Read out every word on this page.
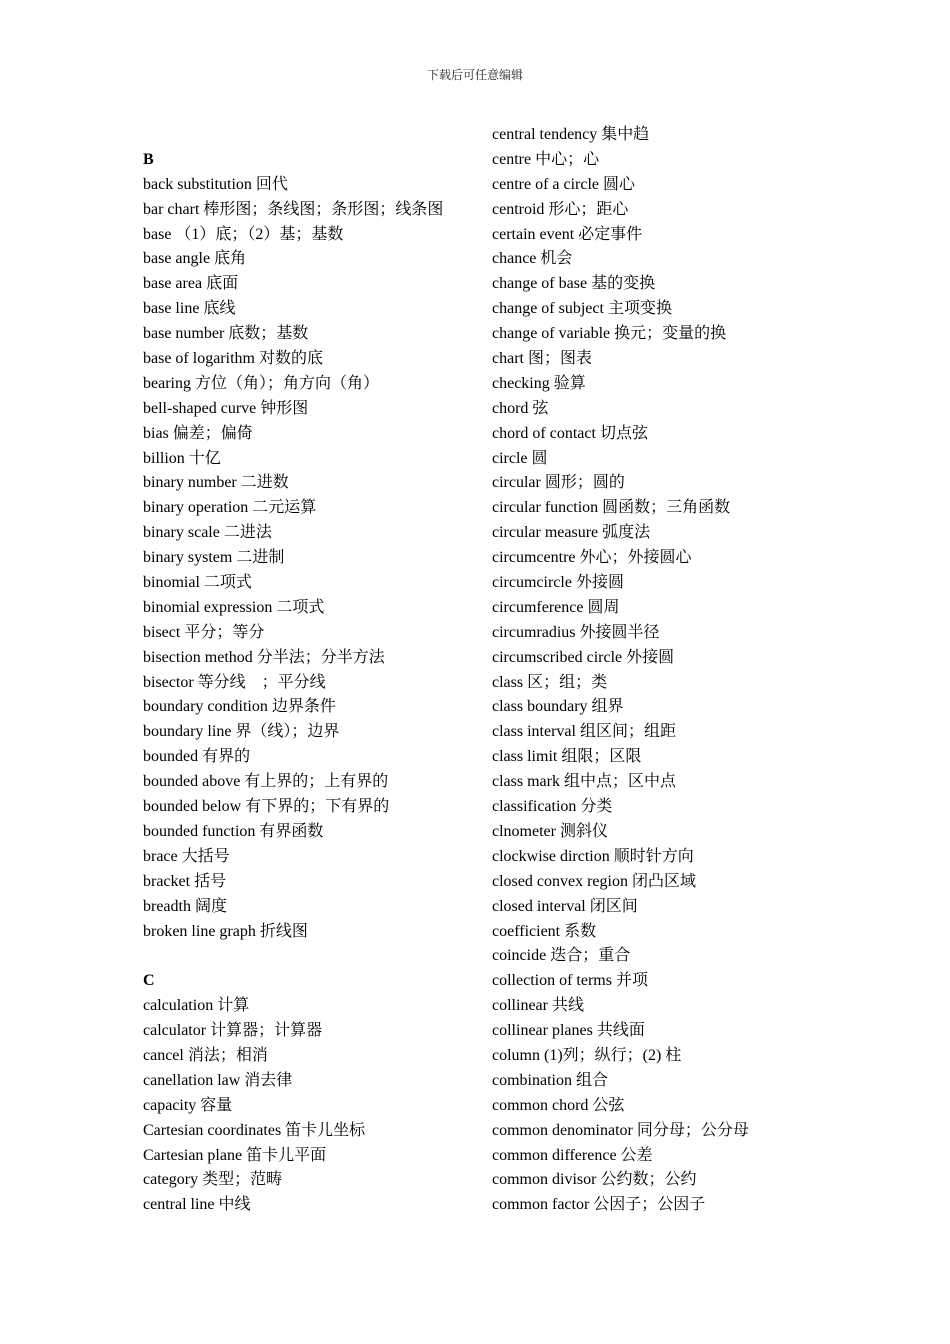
下载后可任意编辑
B
back substitution 回代
bar chart 棒形图；条线图；条形图；线条图
base （1）底；（2）基；基数
base angle 底角
base area 底面
base line 底线
base number 底数；基数
base of logarithm 对数的底
bearing 方位（角）；角方向（角）
bell-shaped curve 钟形图
bias 偏差；偏倚
billion 十亿
binary number 二进数
binary operation 二元运算
binary scale 二进法
binary system 二进制
binomial 二项式
binomial expression 二项式
bisect 平分；等分
bisection method 分半法；分半方法
bisector 等分线　；平分线
boundary condition 边界条件
boundary line 界（线）；边界
bounded 有界的
bounded above 有上界的；上有界的
bounded below 有下界的；下有界的
bounded function 有界函数
brace 大括号
bracket 括号
breadth 阔度
broken line graph 折线图
C
calculation 计算
calculator 计算器；计算器
cancel 消法；相消
canellation law 消去律
capacity 容量
Cartesian coordinates 笛卡儿坐标
Cartesian plane 笛卡儿平面
category 类型；范畴
central line 中线
central tendency 集中趋
centre 中心；心
centre of a circle 圆心
centroid 形心；距心
certain event 必定事件
chance 机会
change of base 基的变换
change of subject 主项变换
change of variable 换元；变量的换
chart 图；图表
checking 验算
chord 弦
chord of contact 切点弦
circle 圆
circular 圆形；圆的
circular function 圆函数；三角函数
circular measure 弧度法
circumcentre 外心；外接圆心
circumcircle 外接圆
circumference 圆周
circumradius 外接圆半径
circumscribed circle 外接圆
class 区；组；类
class boundary 组界
class interval 组区间；组距
class limit 组限；区限
class mark 组中点；区中点
classification 分类
clnometer 测斜仪
clockwise dirction 顺时针方向
closed convex region 闭凸区域
closed interval 闭区间
coefficient 系数
coincide 迭合；重合
collection of terms 并项
collinear 共线
collinear planes 共线面
column (1)列；纵行；(2) 柱
combination 组合
common chord 公弦
common denominator 同分母；公分母
common difference 公差
common divisor 公约数；公约
common factor 公因子；公因子
